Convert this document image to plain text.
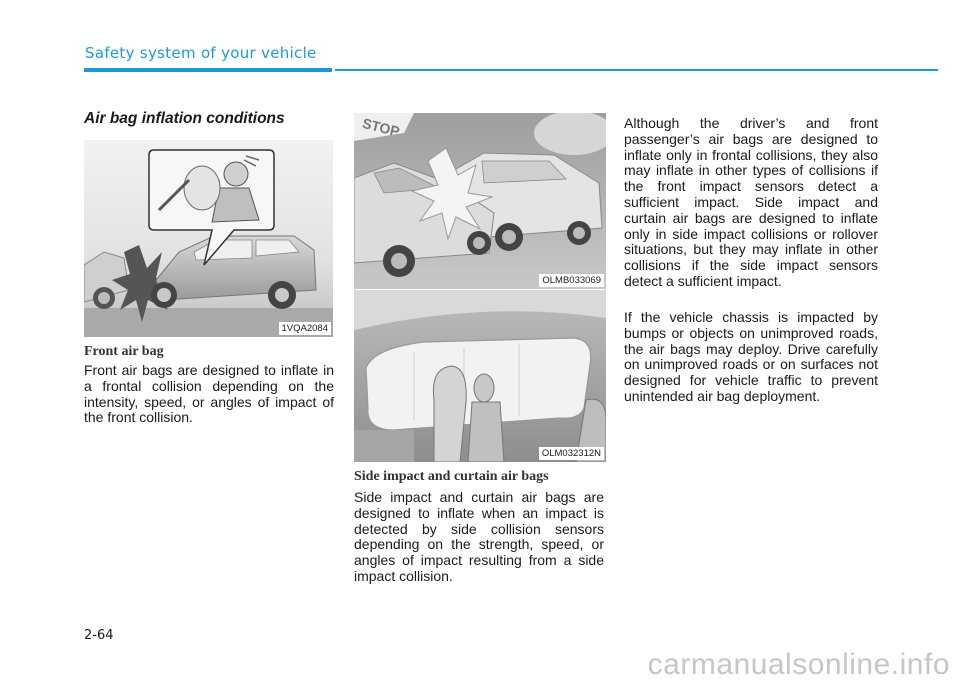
Safety system of your vehicle
Air bag inflation conditions
1VQA2084
Front air bag
Front air bags are designed to inflate in a frontal collision depending on the intensity, speed, or angles of impact of the front collision.
STOP
OLMB033069
OLM032312N
Side impact and curtain air bags
Side impact and curtain air bags are designed to inflate when an impact is detected by side collision sensors depending on the strength, speed, or angles of impact resulting from a side impact collision.
Although the driver’s and front passenger’s air bags are designed to inflate only in frontal collisions, they also may inflate in other types of collisions if the front impact sensors detect a sufficient impact. Side impact and curtain air bags are designed to inflate only in side impact collisions or rollover situations, but they may inflate in other collisions if the side impact sensors detect a sufficient impact.
If the vehicle chassis is impacted by bumps or objects on unimproved roads, the air bags may deploy. Drive carefully on unimproved roads or on surfaces not designed for vehicle traffic to prevent unintended air bag deployment.
2-64
carmanualsonline.info
